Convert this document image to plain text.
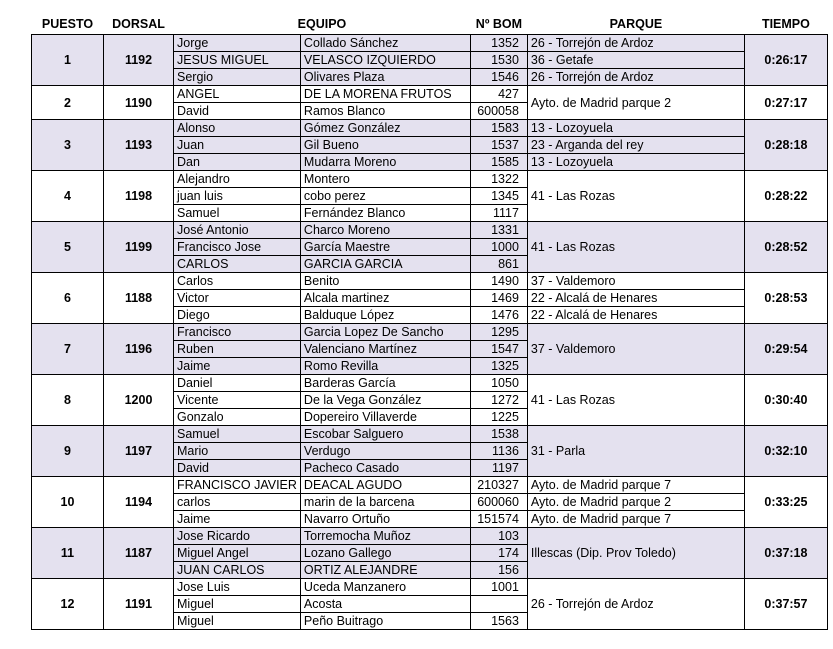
PUESTO	DORSAL	EQUIPO		Nº BOM	PARQUE	TIEMPO
1	1192	Jorge	Collado Sánchez	1352	26 - Torrejón de Ardoz	0:26:17
		JESUS MIGUEL	VELASCO IZQUIERDO	1530	36 - Getafe	
		Sergio	Olivares Plaza	1546	26 - Torrejón de Ardoz	
2	1190	ANGEL	DE LA MORENA FRUTOS	427	Ayto. de Madrid parque 2	0:27:17
		David	Ramos Blanco	600058		
3	1193	Alonso	Gómez González	1583	13 - Lozoyuela	0:28:18
		Juan	Gil Bueno	1537	23 - Arganda del rey	
		Dan	Mudarra Moreno	1585	13 - Lozoyuela	
4	1198	Alejandro	Montero	1322	41 - Las Rozas	0:28:22
		juan luis	cobo perez	1345		
		Samuel	Fernández Blanco	1117		
5	1199	José Antonio	Charco Moreno	1331	41 - Las Rozas	0:28:52
		Francisco Jose	García Maestre	1000		
		CARLOS	GARCIA GARCIA	861		
6	1188	Carlos	Benito	1490	37 - Valdemoro	0:28:53
		Victor	Alcala martinez	1469	22 - Alcalá de Henares	
		Diego	Balduque López	1476	22 - Alcalá de Henares	
7	1196	Francisco	Garcia Lopez De Sancho	1295	37 - Valdemoro	0:29:54
		Ruben	Valenciano Martínez	1547		
		Jaime	Romo Revilla	1325		
8	1200	Daniel	Barderas García	1050	41 - Las Rozas	0:30:40
		Vicente	De la Vega González	1272		
		Gonzalo	Dopereiro Villaverde	1225		
9	1197	Samuel	Escobar Salguero	1538	31 - Parla	0:32:10
		Mario	Verdugo	1136		
		David	Pacheco Casado	1197		
10	1194	FRANCISCO JAVIER	DEACAL AGUDO	210327	Ayto. de Madrid parque 7	0:33:25
		carlos	marin de la barcena	600060	Ayto. de Madrid parque 2	
		Jaime	Navarro Ortuño	151574	Ayto. de Madrid parque 7	
11	1187	Jose Ricardo	Torremocha Muñoz	103	Illescas (Dip. Prov Toledo)	0:37:18
		Miguel Angel	Lozano Gallego	174		
		JUAN CARLOS	ORTIZ ALEJANDRE	156		
12	1191	Jose Luis	Uceda Manzanero	1001	26 - Torrejón de Ardoz	0:37:57
		Miguel	Acosta			
		Miguel	Peño Buitrago	1563		
